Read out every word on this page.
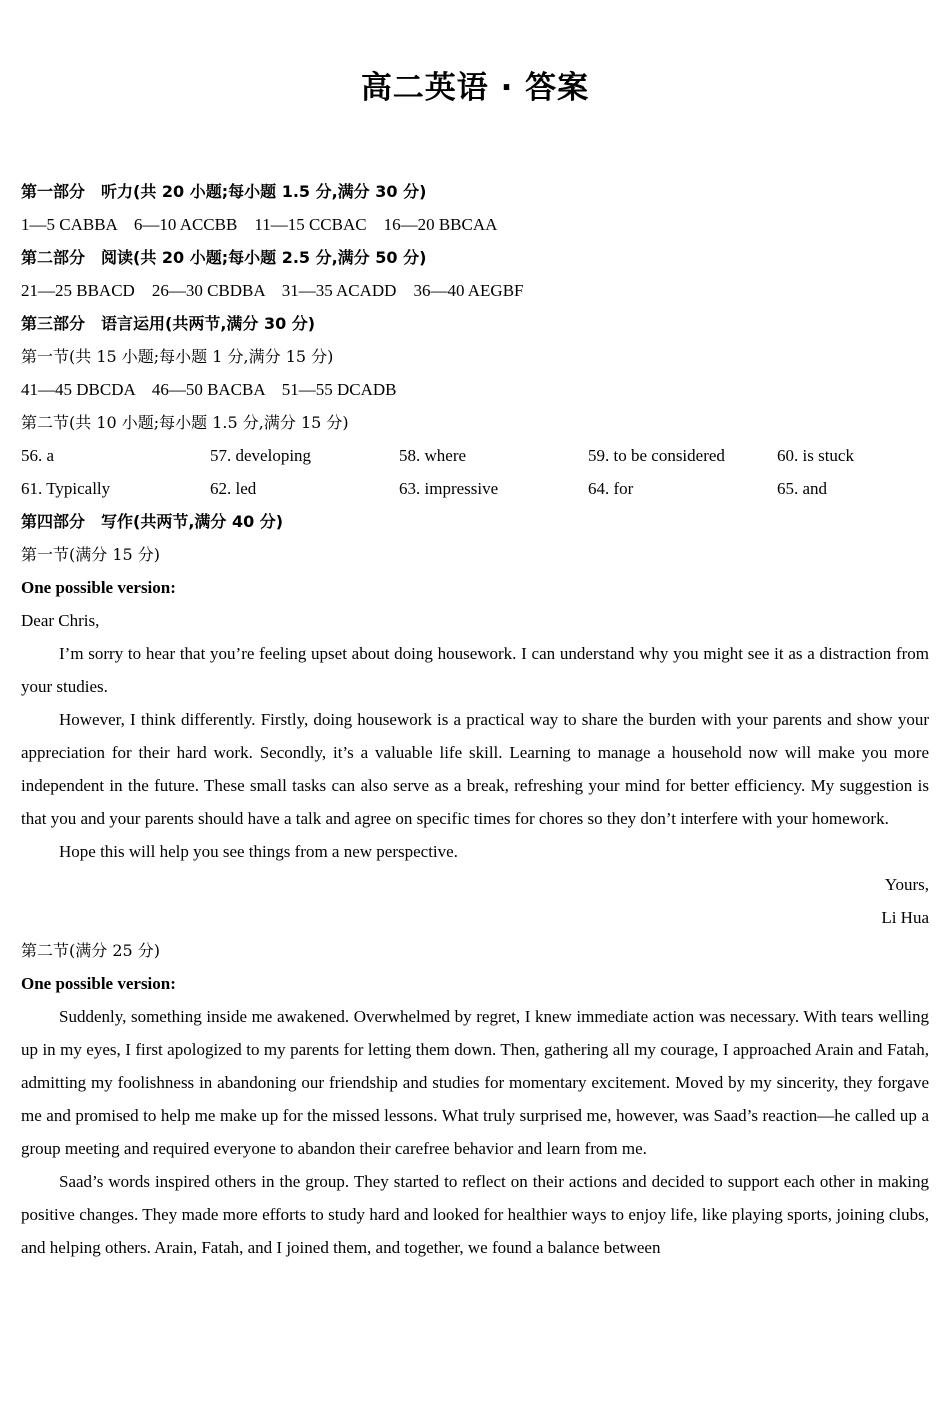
高二英语 · 答案
第一部分　听力(共 20 小题;每小题 1.5 分,满分 30 分)
1—5 CABBA　6—10 ACCBB　11—15 CCBAC　16—20 BBCAA
第二部分　阅读(共 20 小题;每小题 2.5 分,满分 50 分)
21—25 BBACD　26—30 CBDBA　31—35 ACADD　36—40 AEGBF
第三部分　语言运用(共两节,满分 30 分)
第一节(共 15 小题;每小题 1 分,满分 15 分)
41—45 DBCDA　46—50 BACBA　51—55 DCADB
第二节(共 10 小题;每小题 1.5 分,满分 15 分)
56. a	57. developing	58. where	59. to be considered	60. is stuck
61. Typically	62. led	63. impressive	64. for	65. and
第四部分　写作(共两节,满分 40 分)
第一节(满分 15 分)
One possible version:
Dear Chris,

I’m sorry to hear that you’re feeling upset about doing housework. I can understand why you might see it as a distraction from your studies.

However, I think differently. Firstly, doing housework is a practical way to share the burden with your parents and show your appreciation for their hard work. Secondly, it’s a valuable life skill. Learning to manage a household now will make you more independent in the future. These small tasks can also serve as a break, refreshing your mind for better efficiency. My suggestion is that you and your parents should have a talk and agree on specific times for chores so they don’t interfere with your homework.

Hope this will help you see things from a new perspective.

Yours,
Li Hua
第二节(满分 25 分)
One possible version:

Suddenly, something inside me awakened. Overwhelmed by regret, I knew immediate action was necessary. With tears welling up in my eyes, I first apologized to my parents for letting them down. Then, gathering all my courage, I approached Arain and Fatah, admitting my foolishness in abandoning our friendship and studies for momentary excitement. Moved by my sincerity, they forgave me and promised to help me make up for the missed lessons. What truly surprised me, however, was Saad’s reaction—he called up a group meeting and required everyone to abandon their carefree behavior and learn from me.

Saad’s words inspired others in the group. They started to reflect on their actions and decided to support each other in making positive changes. They made more efforts to study hard and looked for healthier ways to enjoy life, like playing sports, joining clubs, and helping others. Arain, Fatah, and I joined them, and together, we found a balance between
